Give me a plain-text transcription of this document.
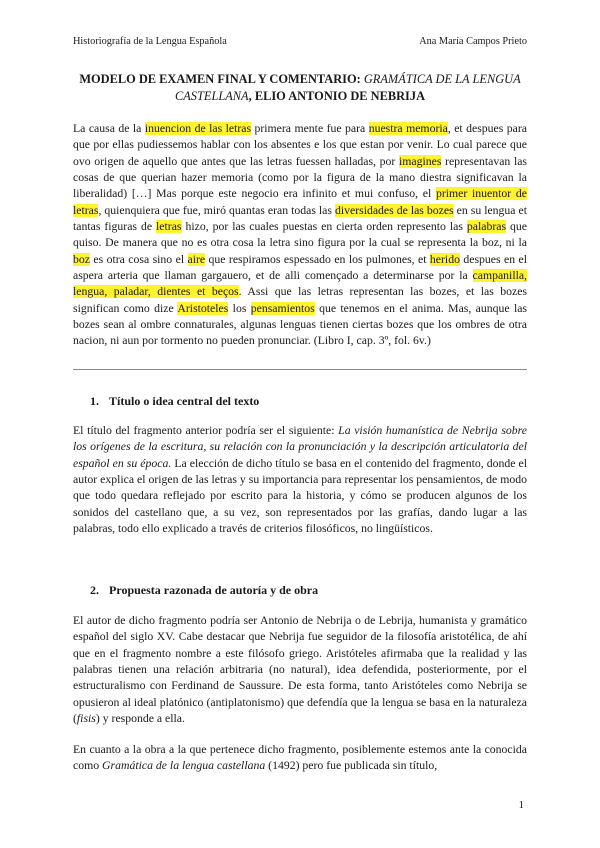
Historiografía de la Lengua Española	Ana María Campos Prieto
MODELO DE EXAMEN FINAL Y COMENTARIO: GRAMÁTICA DE LA LENGUA CASTELLANA, ELIO ANTONIO DE NEBRIJA

La causa de la inuencion de las letras primera mente fue para nuestra memoria, et despues para que por ellas pudiessemos hablar con los absentes e los que estan por venir. Lo cual parece que ovo origen de aquello que antes que las letras fuessen halladas, por imagines representavan las cosas de que querian hazer memoria (como por la figura de la mano diestra significavan la liberalidad) […] Mas porque este negocio era infinito et mui confuso, el primer inuentor de letras, quienquiera que fue, miró quantas eran todas las diversidades de las bozes en su lengua et tantas figuras de letras hizo, por las cuales puestas en cierta orden represento las palabras que quiso. De manera que no es otra cosa la letra sino figura por la cual se representa la boz, ni la boz es otra cosa sino el aire que respiramos espessado en los pulmones, et herido despues en el aspera arteria que llaman gargauero, et de alli començado a determinarse por la campanilla, lengua, paladar, dientes et beços. Assi que las letras representan las bozes, et las bozes significan como dize Aristoteles los pensamientos que tenemos en el anima. Mas, aunque las bozes sean al ombre connaturales, algunas lenguas tienen ciertas bozes que los ombres de otra nacion, ni aun por tormento no pueden pronunciar. (Libro I, cap. 3º, fol. 6v.)

1. Título o idea central del texto

El título del fragmento anterior podría ser el siguiente: La visión humanística de Nebrija sobre los orígenes de la escritura, su relación con la pronunciación y la descripción articulatoria del español en su época. La elección de dicho título se basa en el contenido del fragmento, donde el autor explica el origen de las letras y su importancia para representar los pensamientos, de modo que todo quedara reflejado por escrito para la historia, y cómo se producen algunos de los sonidos del castellano que, a su vez, son representados por las grafías, dando lugar a las palabras, todo ello explicado a través de criterios filosóficos, no lingüísticos.

2. Propuesta razonada de autoría y de obra

El autor de dicho fragmento podría ser Antonio de Nebrija o de Lebrija, humanista y gramático español del siglo XV. Cabe destacar que Nebrija fue seguidor de la filosofía aristotélica, de ahí que en el fragmento nombre a este filósofo griego. Aristóteles afirmaba que la realidad y las palabras tienen una relación arbitraria (no natural), idea defendida, posteriormente, por el estructuralismo con Ferdinand de Saussure. De esta forma, tanto Aristóteles como Nebrija se opusieron al ideal platónico (antiplatonismo) que defendía que la lengua se basa en la naturaleza (fisis) y responde a ella.

En cuanto a la obra a la que pertenece dicho fragmento, posiblemente estemos ante la conocida como Gramática de la lengua castellana (1492) pero fue publicada sin título,

1
